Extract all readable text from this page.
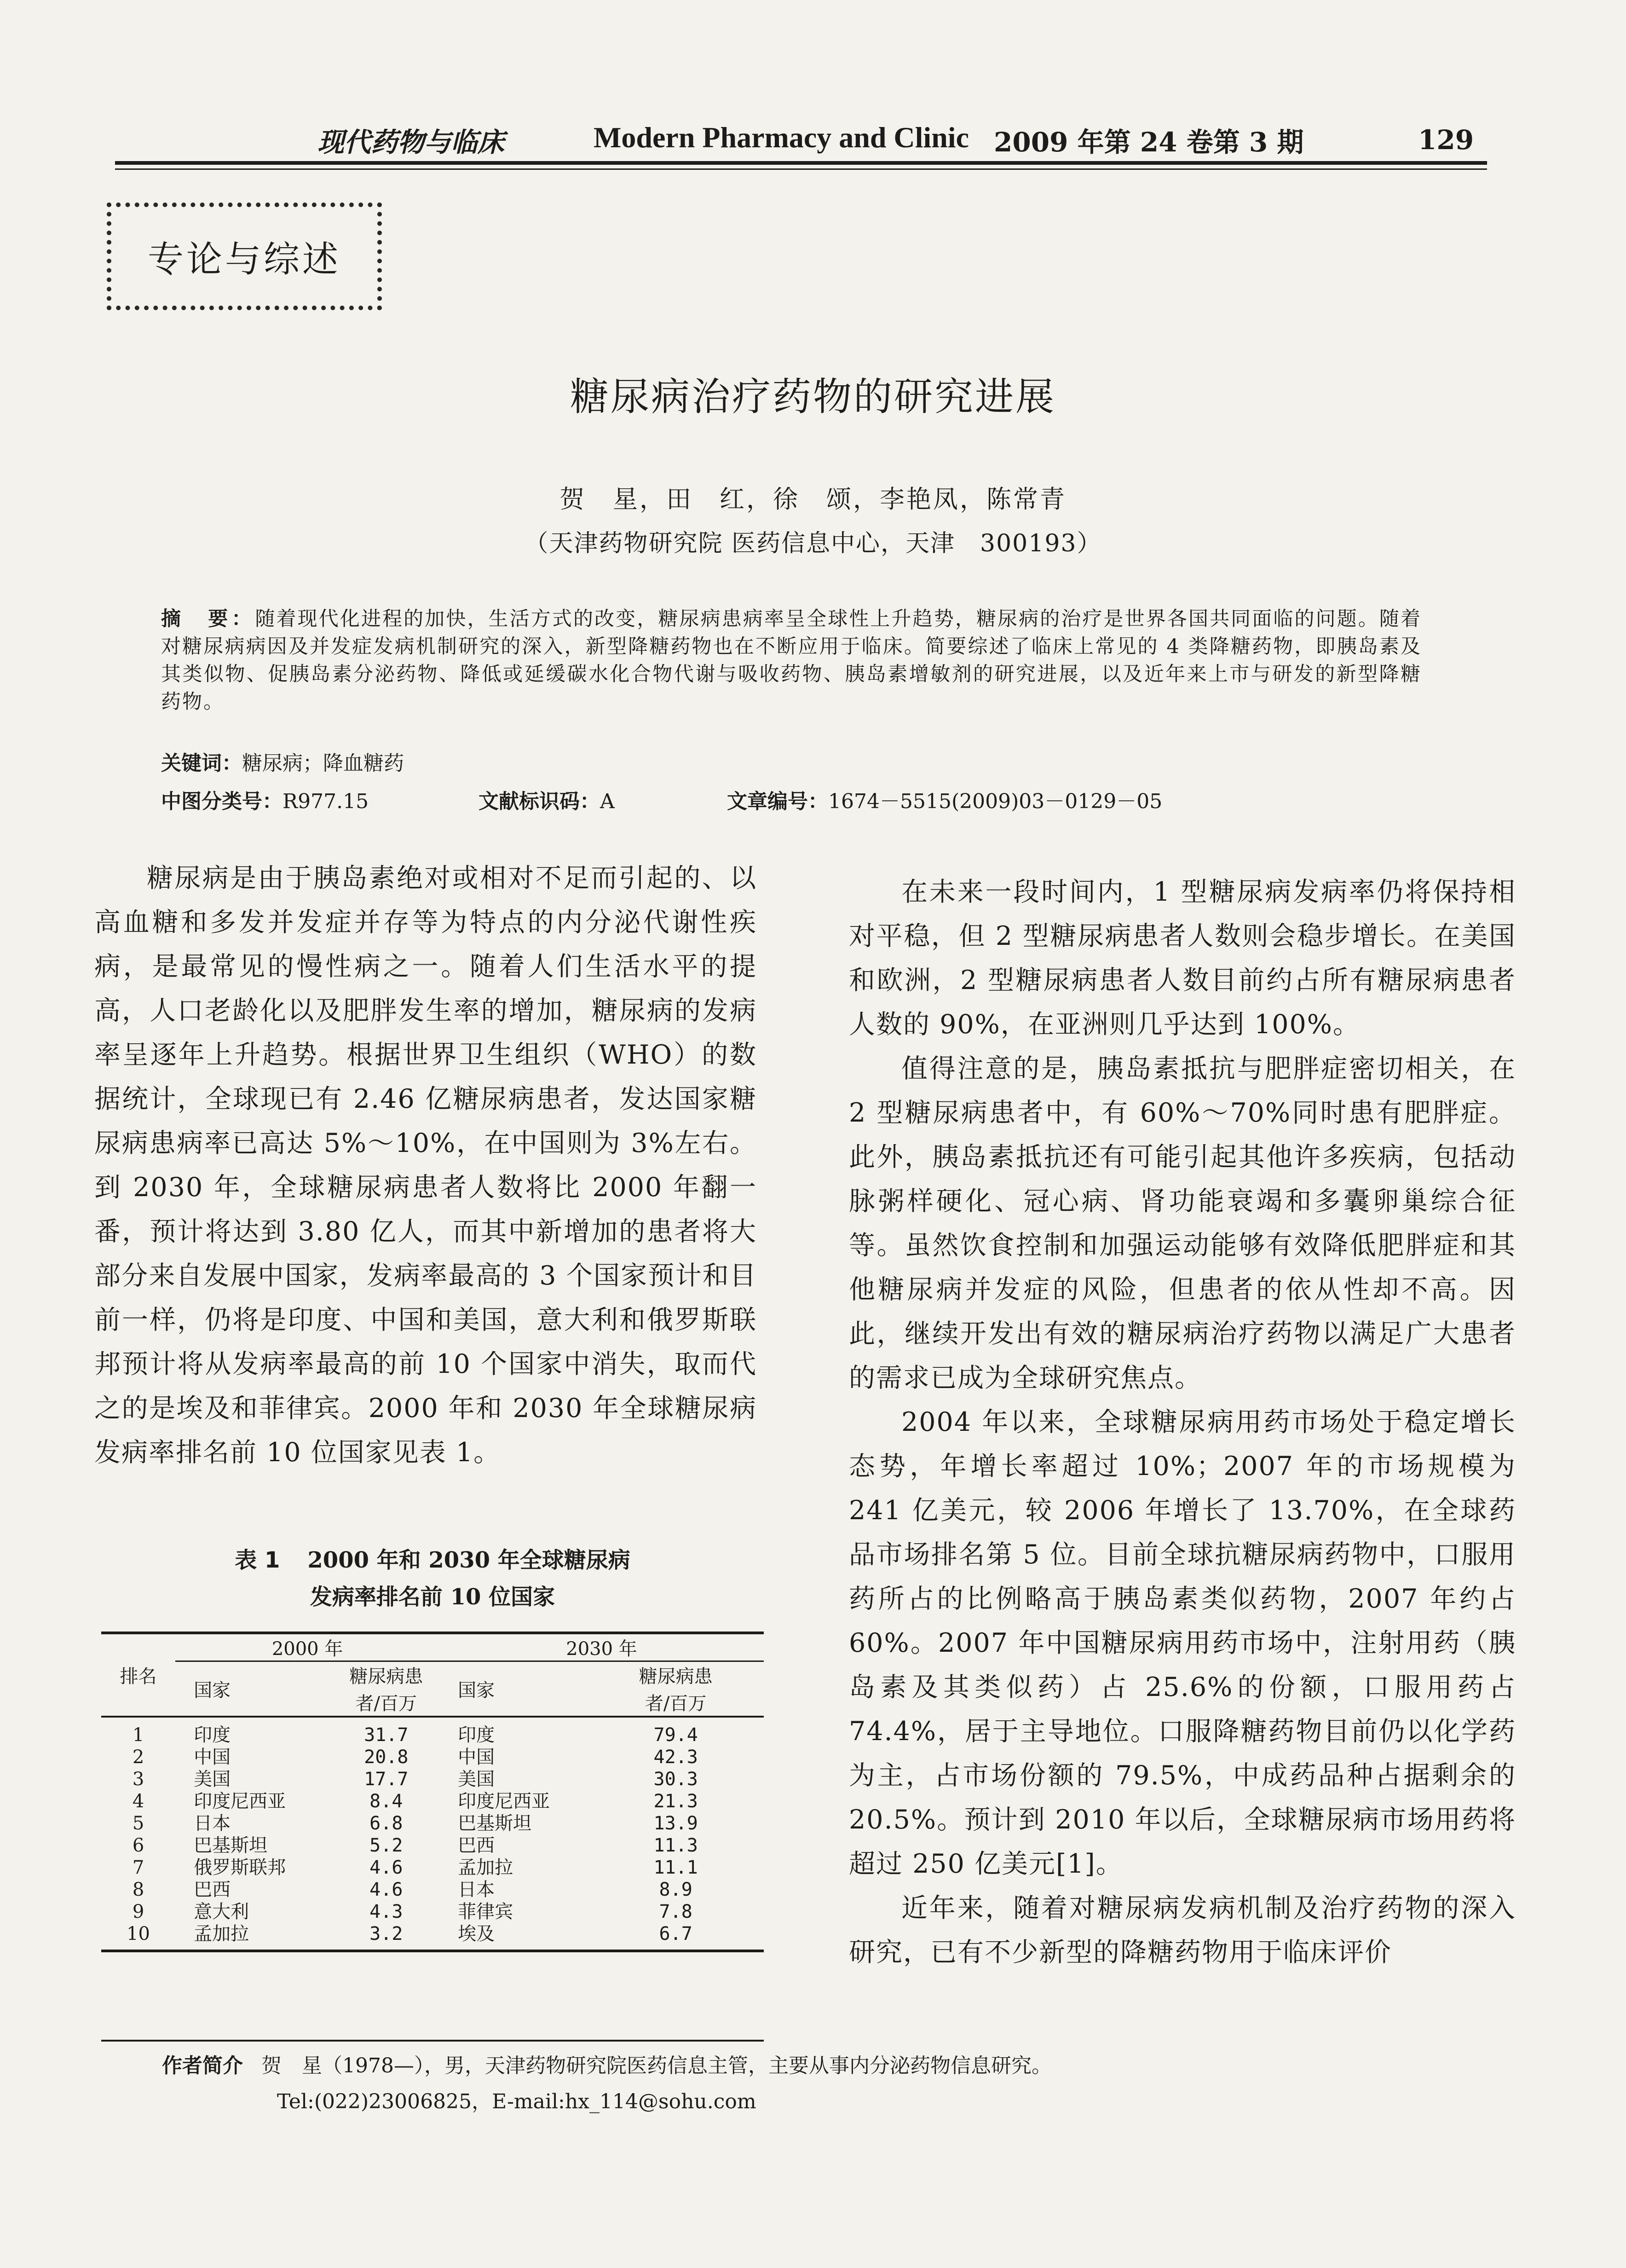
现代药物与临床	Modern Pharmacy and Clinic 2009 年第 24 卷第 3 期	129
专论与综述
糖尿病治疗药物的研究进展
贺　星，田　红，徐　颂，李艳凤，陈常青
（天津药物研究院 医药信息中心，天津　300193）
摘　要：随着现代化进程的加快，生活方式的改变，糖尿病患病率呈全球性上升趋势，糖尿病的治疗是世界各国共同面临的问题。随着对糖尿病病因及并发症发病机制研究的深入，新型降糖药物也在不断应用于临床。简要综述了临床上常见的 4 类降糖药物，即胰岛素及其类似物、促胰岛素分泌药物、降低或延缓碳水化合物代谢与吸收药物、胰岛素增敏剂的研究进展，以及近年来上市与研发的新型降糖药物。
关键词：糖尿病；降血糖药
中图分类号：R977.15	文献标识码：A	文章编号：1674－5515(2009)03－0129－05

糖尿病是由于胰岛素绝对或相对不足而引起的、以高血糖和多发并发症并存等为特点的内分泌代谢性疾病，是最常见的慢性病之一。随着人们生活水平的提高，人口老龄化以及肥胖发生率的增加，糖尿病的发病率呈逐年上升趋势。根据世界卫生组织（WHO）的数据统计，全球现已有 2.46 亿糖尿病患者，发达国家糖尿病患病率已高达 5%～10%，在中国则为 3%左右。到 2030 年，全球糖尿病患者人数将比 2000 年翻一番，预计将达到 3.80 亿人，而其中新增加的患者将大部分来自发展中国家，发病率最高的 3 个国家预计和目前一样，仍将是印度、中国和美国，意大利和俄罗斯联邦预计将从发病率最高的前 10 个国家中消失，取而代之的是埃及和菲律宾。2000 年和 2030 年全球糖尿病发病率排名前 10 位国家见表 1。

表 1 2000 年和 2030 年全球糖尿病
发病率排名前 10 位国家
排名	2000 年		2030 年	
	国家	糖尿病患	国家	糖尿病患
		者/百万		者/百万
1	印度	31.7	印度	79.4
2	中国	20.8	中国	42.3
3	美国	17.7	美国	30.3
4	印度尼西亚	8.4	印度尼西亚	21.3
5	日本	6.8	巴基斯坦	13.9
6	巴基斯坦	5.2	巴西	11.3
7	俄罗斯联邦	4.6	孟加拉	11.1
8	巴西	4.6	日本	8.9
9	意大利	4.3	菲律宾	7.8
10	孟加拉	3.2	埃及	6.7

在未来一段时间内，1 型糖尿病发病率仍将保持相对平稳，但 2 型糖尿病患者人数则会稳步增长。在美国和欧洲，2 型糖尿病患者人数目前约占所有糖尿病患者人数的 90%，在亚洲则几乎达到 100%。

值得注意的是，胰岛素抵抗与肥胖症密切相关，在 2 型糖尿病患者中，有 60%～70%同时患有肥胖症。此外，胰岛素抵抗还有可能引起其他许多疾病，包括动脉粥样硬化、冠心病、肾功能衰竭和多囊卵巢综合征等。虽然饮食控制和加强运动能够有效降低肥胖症和其他糖尿病并发症的风险，但患者的依从性却不高。因此，继续开发出有效的糖尿病治疗药物以满足广大患者的需求已成为全球研究焦点。

2004 年以来，全球糖尿病用药市场处于稳定增长态势，年增长率超过 10%；2007 年的市场规模为 241 亿美元，较 2006 年增长了 13.70%，在全球药品市场排名第 5 位。目前全球抗糖尿病药物中，口服用药所占的比例略高于胰岛素类似药物，2007 年约占 60%。2007 年中国糖尿病用药市场中，注射用药（胰岛素及其类似药）占 25.6%的份额，口服用药占 74.4%，居于主导地位。口服降糖药物目前仍以化学药为主，占市场份额的 79.5%，中成药品种占据剩余的 20.5%。预计到 2010 年以后，全球糖尿病市场用药将超过 250 亿美元[1]。

近年来，随着对糖尿病发病机制及治疗药物的深入研究，已有不少新型的降糖药物用于临床评价

作者简介 贺　星（1978—），男，天津药物研究院医药信息主管，主要从事内分泌药物信息研究。
Tel:(022)23006825，E-mail:hx_114@sohu.com
